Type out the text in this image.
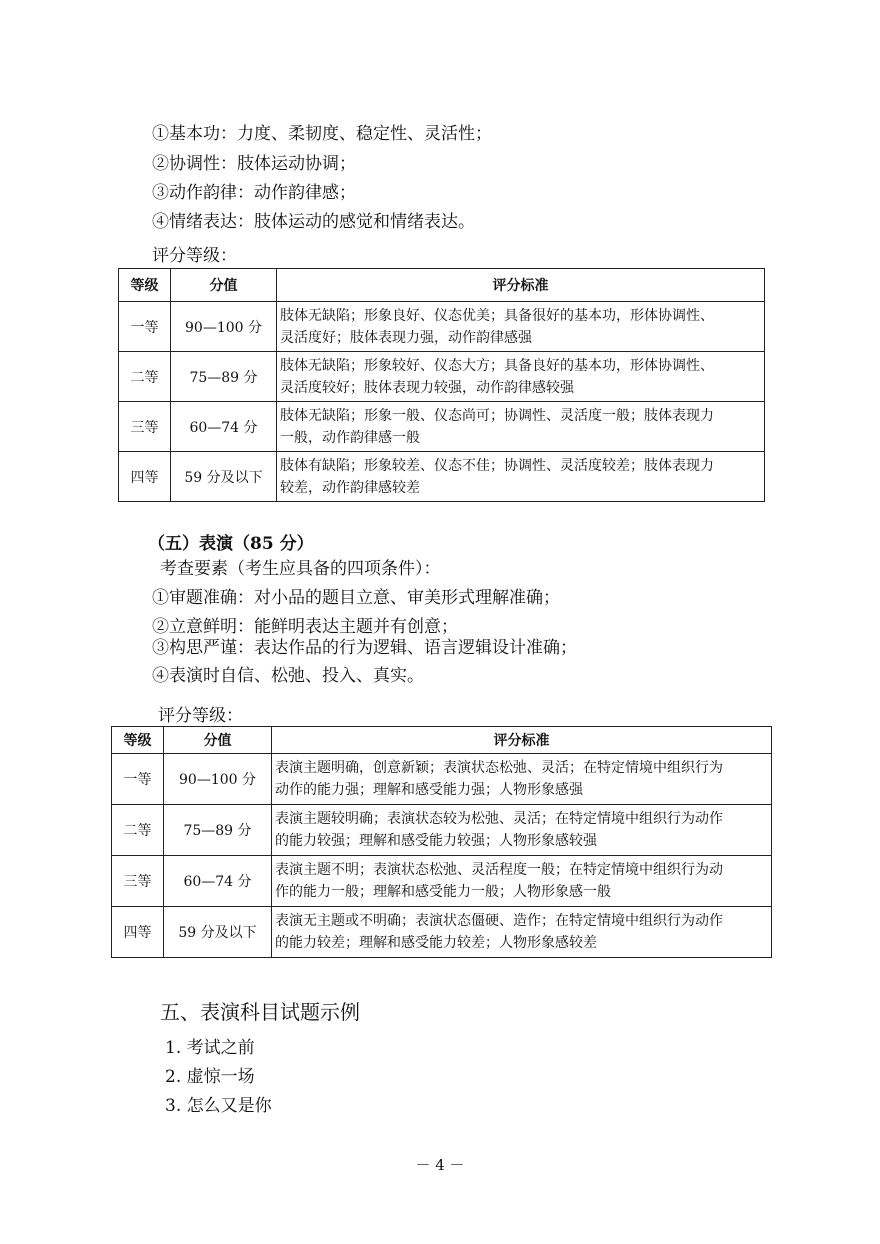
①基本功：力度、柔韧度、稳定性、灵活性；
②协调性：肢体运动协调；
③动作韵律：动作韵律感；
④情绪表达：肢体运动的感觉和情绪表达。
评分等级：
等级	分值	评分标准
一等	90—100 分	肢体无缺陷；形象良好、仪态优美；具备很好的基本功，形体协调性、
灵活度好；肢体表现力强，动作韵律感强

二等	75—89 分	肢体无缺陷；形象较好、仪态大方；具备良好的基本功，形体协调性、
灵活度较好；肢体表现力较强，动作韵律感较强

三等	60—74 分	肢体无缺陷；形象一般、仪态尚可；协调性、灵活度一般；肢体表现力
一般，动作韵律感一般

四等	59 分及以下	肢体有缺陷；形象较差、仪态不佳；协调性、灵活度较差；肢体表现力
较差，动作韵律感较差
（五）表演（85 分）
考查要素（考生应具备的四项条件）：
①审题准确：对小品的题目立意、审美形式理解准确；
②立意鲜明：能鲜明表达主题并有创意；
③构思严谨：表达作品的行为逻辑、语言逻辑设计准确；
④表演时自信、松弛、投入、真实。
评分等级：
等级	分值	评分标准
一等	90—100 分	表演主题明确，创意新颖；表演状态松弛、灵活；在特定情境中组织行为
动作的能力强；理解和感受能力强；人物形象感强

二等	75—89 分	表演主题较明确；表演状态较为松弛、灵活；在特定情境中组织行为动作
的能力较强；理解和感受能力较强；人物形象感较强

三等	60—74 分	表演主题不明；表演状态松弛、灵活程度一般；在特定情境中组织行为动
作的能力一般；理解和感受能力一般；人物形象感一般

四等	59 分及以下	表演无主题或不明确；表演状态僵硬、造作；在特定情境中组织行为动作
的能力较差；理解和感受能力较差；人物形象感较差
五、表演科目试题示例
1. 考试之前
2. 虚惊一场
3. 怎么又是你
－ 4 －
